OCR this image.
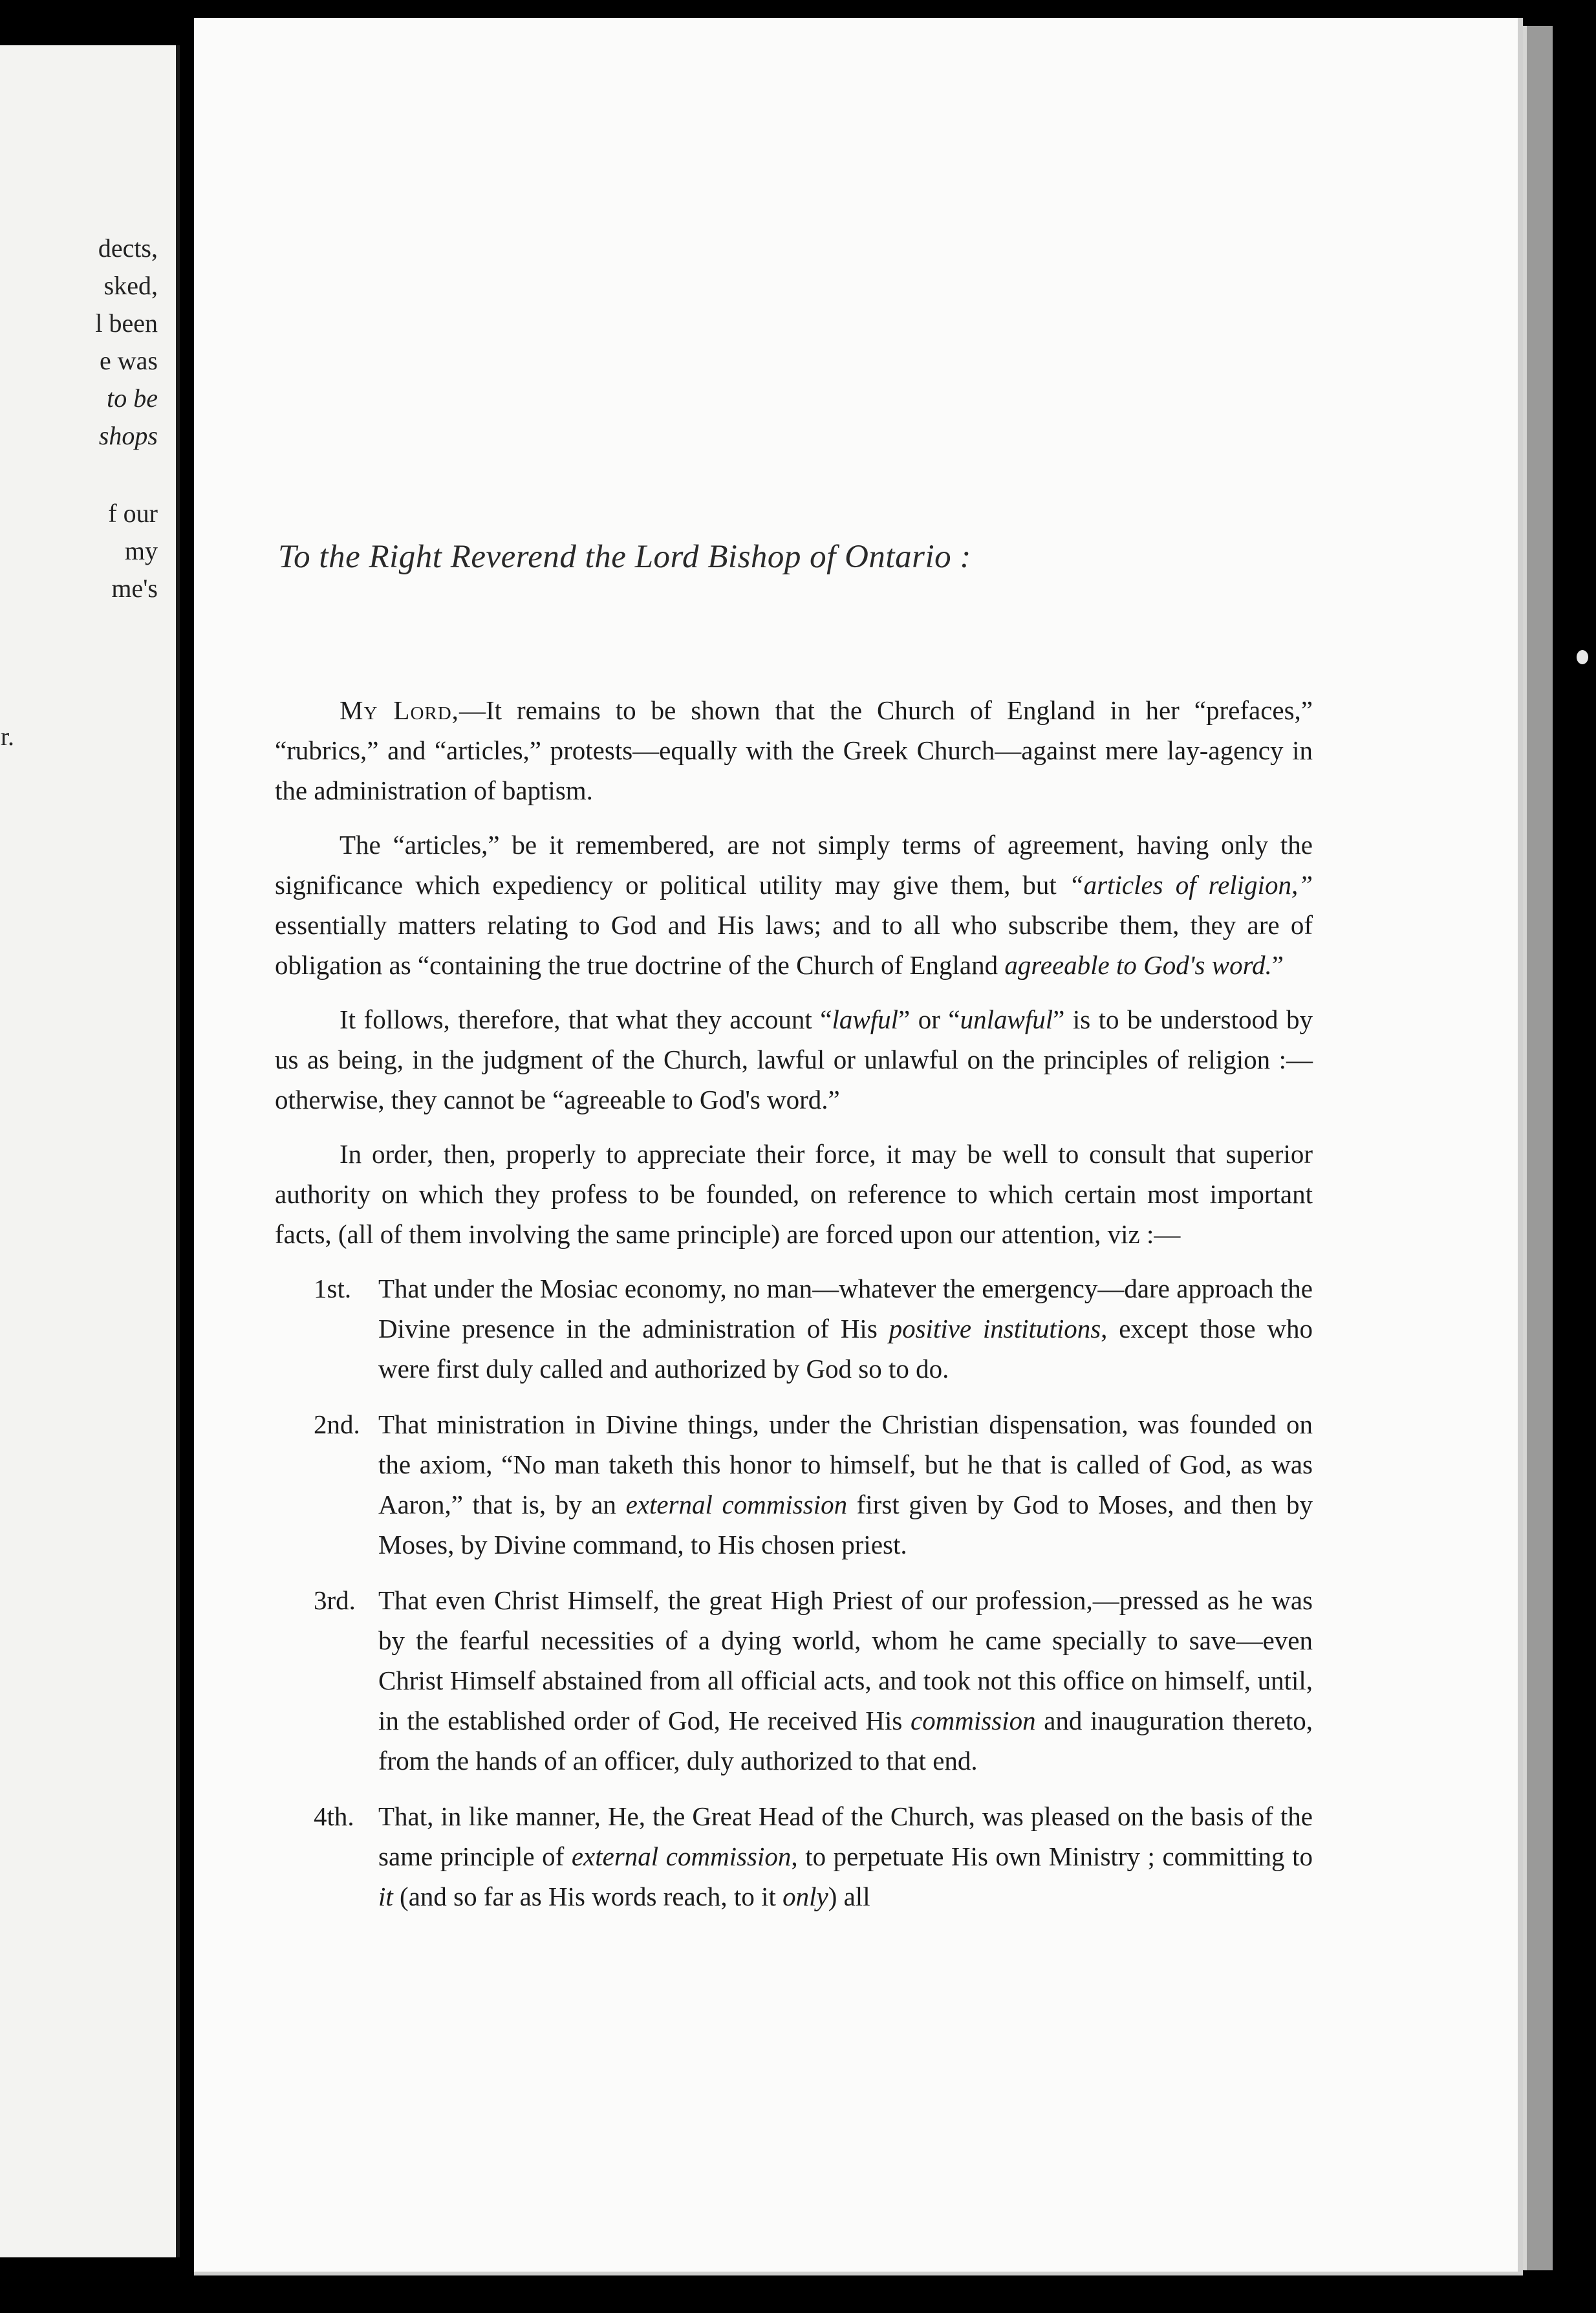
dects,
sked,
l been
e was
to be
shops
f our
my
me's
r.
To the Right Reverend the Lord Bishop of Ontario :

My Lord,—It remains to be shown that the Church of England in her “prefaces,” “rubrics,” and “articles,” protests—equally with the Greek Church—against mere lay-agency in the administration of baptism.

The “articles,” be it remembered, are not simply terms of agreement, having only the significance which expediency or political utility may give them, but “articles of religion,” essentially matters relating to God and His laws; and to all who subscribe them, they are of obligation as “containing the true doctrine of the Church of England agreeable to God's word.”

It follows, therefore, that what they account “lawful” or “unlawful” is to be understood by us as being, in the judgment of the Church, lawful or unlawful on the principles of religion :—otherwise, they cannot be “agreeable to God's word.”

In order, then, properly to appreciate their force, it may be well to consult that superior authority on which they profess to be founded, on reference to which certain most important facts, (all of them involving the same principle) are forced upon our attention, viz :—

1st.	That under the Mosiac economy, no man—whatever the emergency—dare approach the Divine presence in the administration of His positive institutions, except those who were first duly called and authorized by God so to do.
2nd. That ministration in Divine things, under the Christian dispensation, was founded on the axiom, “No man taketh this honor to himself, but he that is called of God, as was Aaron,” that is, by an external commission first given by God to Moses, and then by Moses, by Divine command, to His chosen priest.
3rd. That even Christ Himself, the great High Priest of our profession,—pressed as he was by the fearful necessities of a dying world, whom he came specially to save—even Christ Himself abstained from all official acts, and took not this office on himself, until, in the established order of God, He received His commission and inauguration thereto, from the hands of an officer, duly authorized to that end.
4th. That, in like manner, He, the Great Head of the Church, was pleased on the basis of the same principle of external commission, to perpetuate His own Ministry ; committing to it (and so far as His words reach, to it only) all
